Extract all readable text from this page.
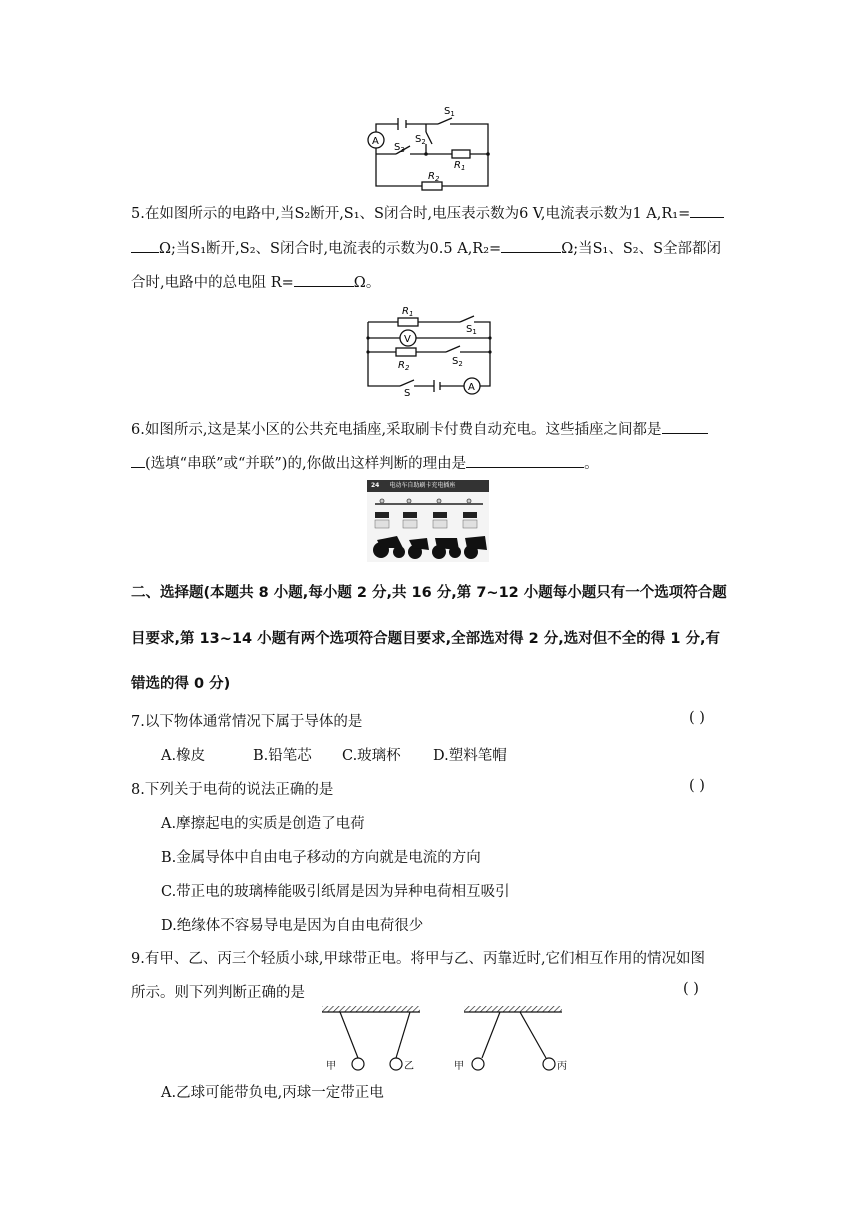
A
$S_1$
$S_2$
$S_3$
$R_1$
$R_2$
5.在如图所示的电路中,当S₂断开,S₁、S闭合时,电压表示数为6 V,电流表示数为1 A,R₁=
Ω;当S₁断开,S₂、S闭合时,电流表的示数为0.5 A,R₂=	Ω;当S₁、S₂、S全部都闭
合时,电路中的总电阻 R=	Ω。
V
A
$R_1$
$S_1$
$R_2$
$S_2$
S
6.如图所示,这是某小区的公共充电插座,采取刷卡付费自动充电。这些插座之间都是
(选填“串联”或“并联”)的,你做出这样判断的理由是	。
24 电动车自助刷卡充电插座
二、选择题(本题共 8 小题,每小题 2 分,共 16 分,第 7~12 小题每小题只有一个选项符合题
目要求,第 13~14 小题有两个选项符合题目要求,全部选对得 2 分,选对但不全的得 1 分,有
错选的得 0 分)
7.以下物体通常情况下属于导体的是	( )
A.橡皮	B.铅笔芯 C.玻璃杯 D.塑料笔帽
8.下列关于电荷的说法正确的是	( )
A.摩擦起电的实质是创造了电荷
B.金属导体中自由电子移动的方向就是电流的方向
C.带正电的玻璃棒能吸引纸屑是因为异种电荷相互吸引
D.绝缘体不容易导电是因为自由电荷很少
9.有甲、乙、丙三个轻质小球,甲球带正电。将甲与乙、丙靠近时,它们相互作用的情况如图
所示。则下列判断正确的是	( )
甲	乙	甲	丙
A.乙球可能带负电,丙球一定带正电
